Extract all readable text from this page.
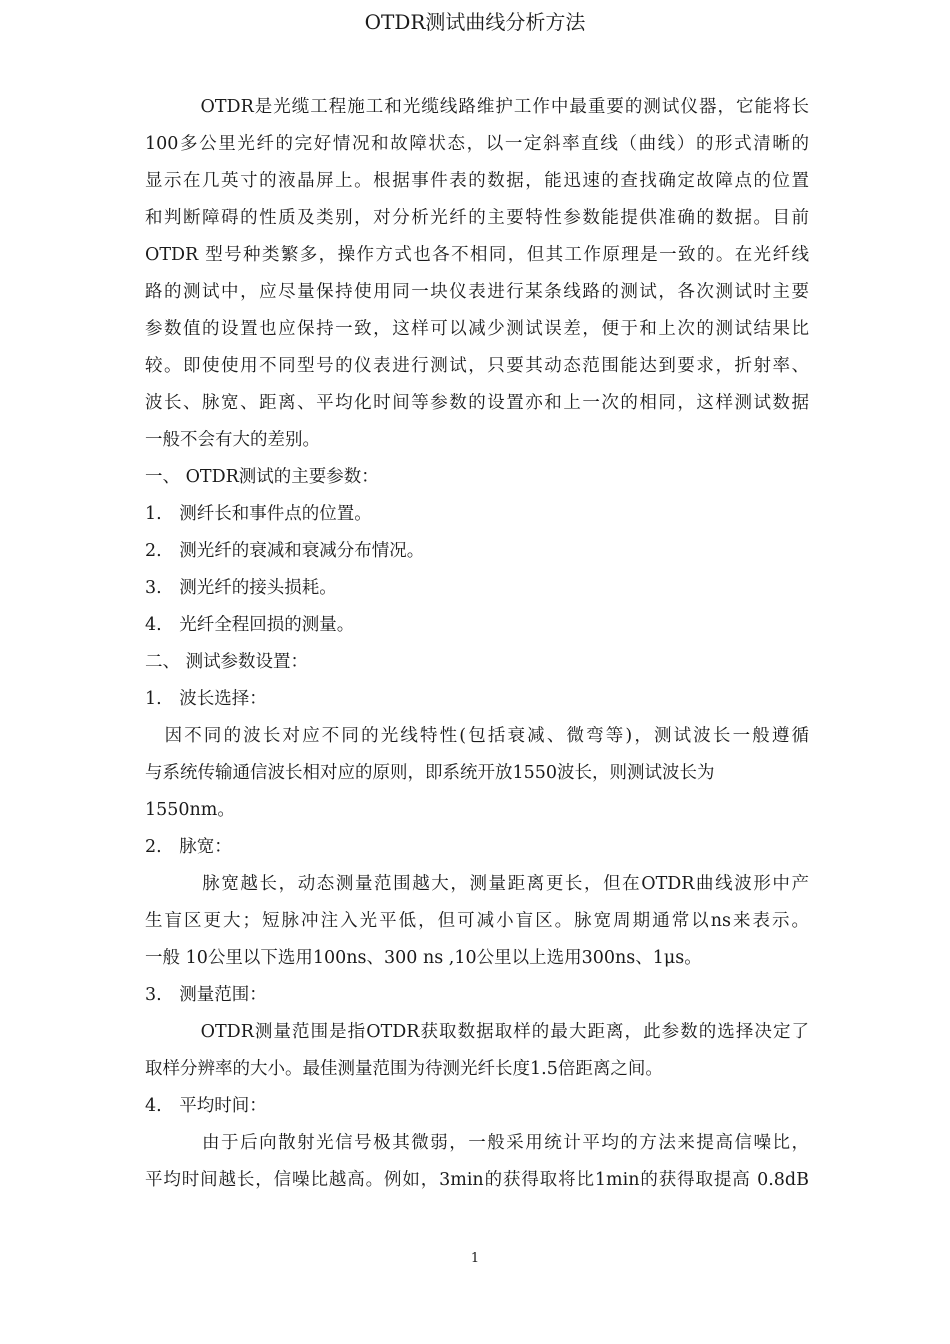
OTDR测试曲线分析方法
　　　OTDR是光缆工程施工和光缆线路维护工作中最重要的测试仪器，它能将长
100多公里光纤的完好情况和故障状态，以一定斜率直线（曲线）的形式清晰的
显示在几英寸的液晶屏上。根据事件表的数据，能迅速的查找确定故障点的位置
和判断障碍的性质及类别，对分析光纤的主要特性参数能提供准确的数据。目前
OTDR 型号种类繁多，操作方式也各不相同，但其工作原理是一致的。在光纤线
路的测试中，应尽量保持使用同一块仪表进行某条线路的测试，各次测试时主要
参数值的设置也应保持一致，这样可以减少测试误差，便于和上次的测试结果比
较。即使使用不同型号的仪表进行测试，只要其动态范围能达到要求，折射率、
波长、脉宽、距离、平均化时间等参数的设置亦和上一次的相同，这样测试数据
一般不会有大的差别。
一、 OTDR测试的主要参数：
1.　测纤长和事件点的位置。
2.　测光纤的衰减和衰减分布情况。
3.　测光纤的接头损耗。
4.　光纤全程回损的测量。
二、 测试参数设置：
1.　波长选择：
　因不同的波长对应不同的光线特性(包括衰减、微弯等)，测试波长一般遵循
与系统传输通信波长相对应的原则，即系统开放1550波长，则测试波长为
1550nm。
2.　脉宽：
　　　脉宽越长，动态测量范围越大，测量距离更长，但在OTDR曲线波形中产
生盲区更大；短脉冲注入光平低，但可减小盲区。脉宽周期通常以ns来表示。
一般 10公里以下选用100ns、300 ns ,10公里以上选用300ns、1μs。
3.　测量范围：
　　　OTDR测量范围是指OTDR获取数据取样的最大距离，此参数的选择决定了
取样分辨率的大小。最佳测量范围为待测光纤长度1.5倍距离之间。
4.　平均时间：
　　　由于后向散射光信号极其微弱，一般采用统计平均的方法来提高信噪比，
平均时间越长，信噪比越高。例如，3min的获得取将比1min的获得取提高 0.8dB
1
